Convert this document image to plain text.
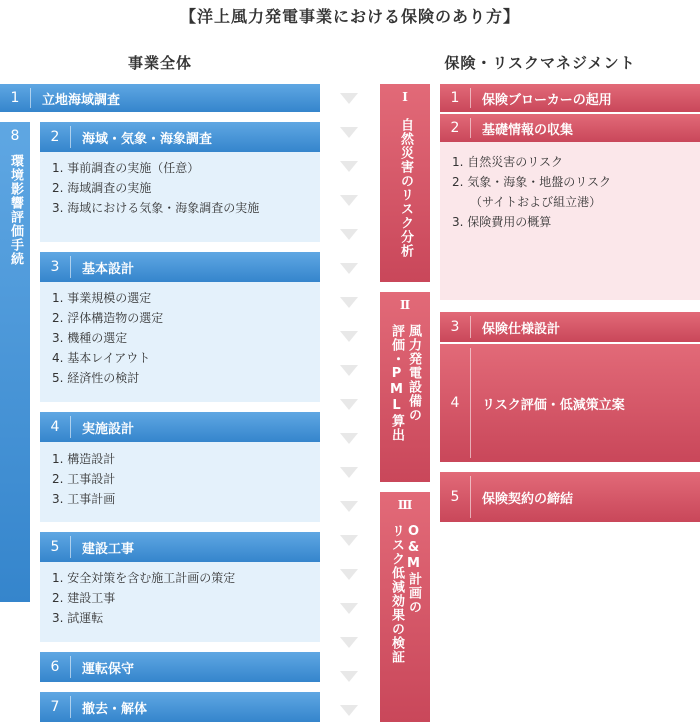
【洋上風力発電事業における保険のあり方】
事業全体	保険・リスクマネジメント
1	立地海域調査
8
環境影響評価手続
2	海域・気象・海象調査
1. 事前調査の実施（任意）
2. 海域調査の実施
3. 海域における気象・海象調査の実施
3	基本設計
1. 事業規模の選定
2. 浮体構造物の選定
3. 機種の選定
4. 基本レイアウト
5. 経済性の検討
4	実施設計
1. 構造設計
2. 工事設計
3. 工事計画
5	建設工事
1. 安全対策を含む施工計画の策定
2. 建設工事
3. 試運転
6	運転保守
7	撤去・解体
Ⅰ
自然災害のリスク分析
Ⅱ
風力発電設備の
評価・PML算出
Ⅲ
O&M計画の
リスク低減効果の検証
1	保険ブローカーの起用
2	基礎情報の収集
1. 自然災害のリスク
2. 気象・海象・地盤のリスク
（サイトおよび組立港）
3. 保険費用の概算
3	保険仕様設計
4	リスク評価・低減策立案
5	保険契約の締結
